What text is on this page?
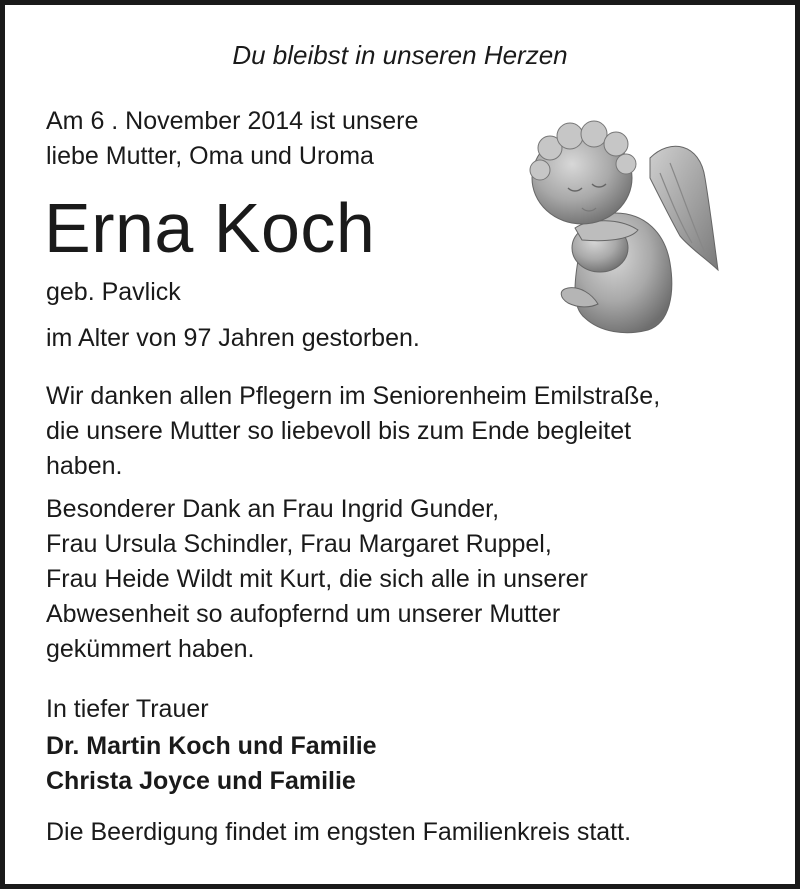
Du bleibst in unseren Herzen
Am 6 . November 2014 ist unsere
liebe Mutter, Oma und Uroma
Erna Koch
geb. Pavlick
im Alter von 97 Jahren gestorben.
Wir danken allen Pflegern im Seniorenheim Emilstraße,
die unsere Mutter so liebevoll bis zum Ende begleitet
haben.
Besonderer Dank an Frau Ingrid Gunder,
Frau Ursula Schindler, Frau Margaret Ruppel,
Frau Heide Wildt mit Kurt, die sich alle in unserer
Abwesenheit so aufopfernd um unserer Mutter
gekümmert haben.
In tiefer Trauer
Dr. Martin Koch und Familie
Christa Joyce und Familie
Die Beerdigung findet im engsten Familienkreis statt.
